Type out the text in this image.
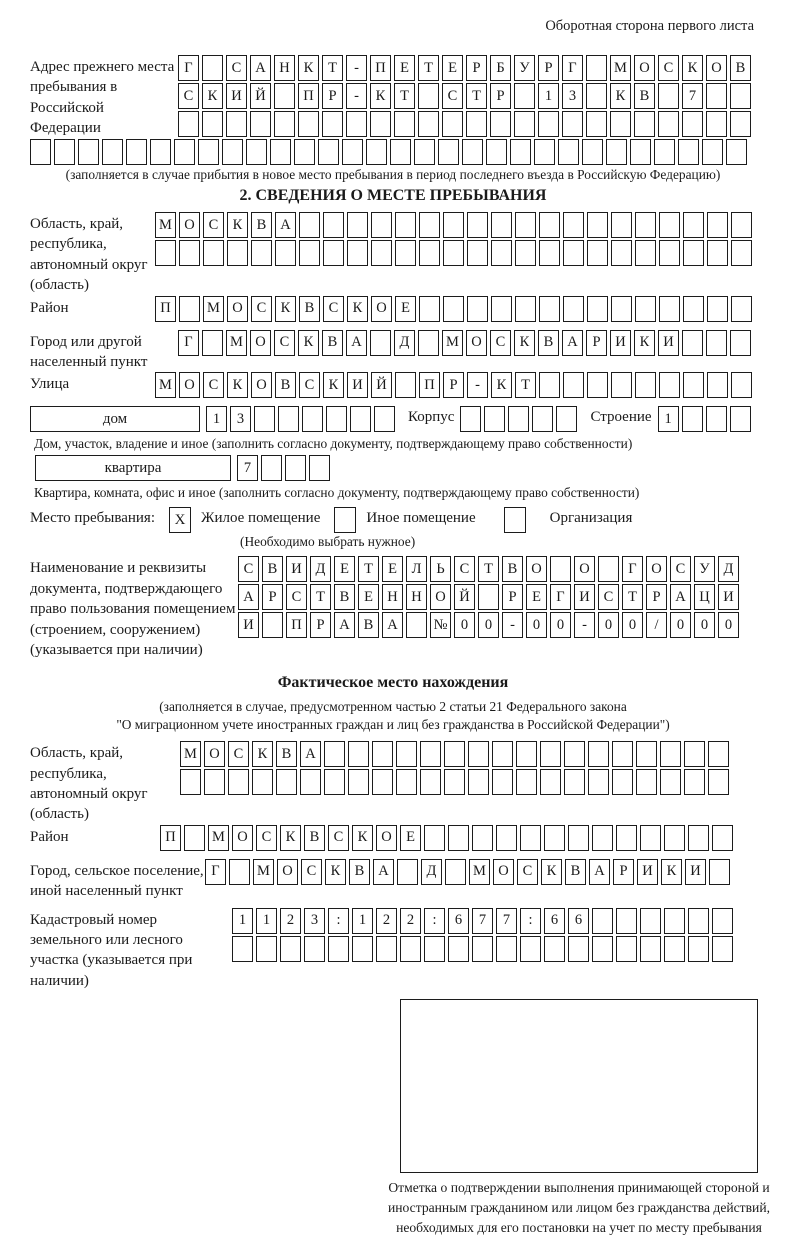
Оборотная сторона первого листа
Адрес прежнего места пребывания в Российской Федерации
Г	С А Н К Т - П Е Т Е Р Б У Р Г	М О С К О В
С К И Й	П Р - К Т	С Т Р	1 3	К В	7
(заполняется в случае прибытия в новое место пребывания в период последнего въезда в Российскую Федерацию)
2. СВЕДЕНИЯ О МЕСТЕ ПРЕБЫВАНИЯ
Область, край, республика, автономный округ (область)
М О С К В А
Район	П	М О С К В С К О Е
Город или другой населенный пункт
Г	М О С К В А	Д	М О С К В А Р И К И
Улица	М О С К О В С К И Й	П Р - К Т
дом	1 3	Корпус	Строение 1
Дом, участок, владение и иное (заполнить согласно документу, подтверждающему право собственности)
квартира	7
Квартира, комната, офис и иное (заполнить согласно документу, подтверждающему право собственности)
Место пребывания:	X	Жилое помещение	Иное помещение	Организация
(Необходимо выбрать нужное)
Наименование и реквизиты документа, подтверждающего право пользования помещением (строением, сооружением) (указывается при наличии)
С В И Д Е Т Е Л Ь С Т В О	О	Г О С У Д
А Р С Т В Е Н Н О Й	Р Е Г И С Т Р А Ц И
И	П Р А В А № 0 0 - 0 0 - 0 0 / 0 0 0
Фактическое место нахождения
(заполняется в случае, предусмотренном частью 2 статьи 21 Федерального закона
"О миграционном учете иностранных граждан и лиц без гражданства в Российской Федерации")
Область, край, республика, автономный округ (область)
М О С К В А
Район	П	М О С К В С К О Е
Город, сельское поселение, иной населенный пункт
Г	М О С К В А	Д	М О С К В А Р И К И
Кадастровый номер земельного или лесного участка (указывается при наличии)
1 1 2 3 : 1 2 2 : 6 7 7 : 6 6
Отметка о подтверждении выполнения принимающей стороной и иностранным гражданином или лицом без гражданства действий, необходимых для его постановки на учет по месту пребывания
